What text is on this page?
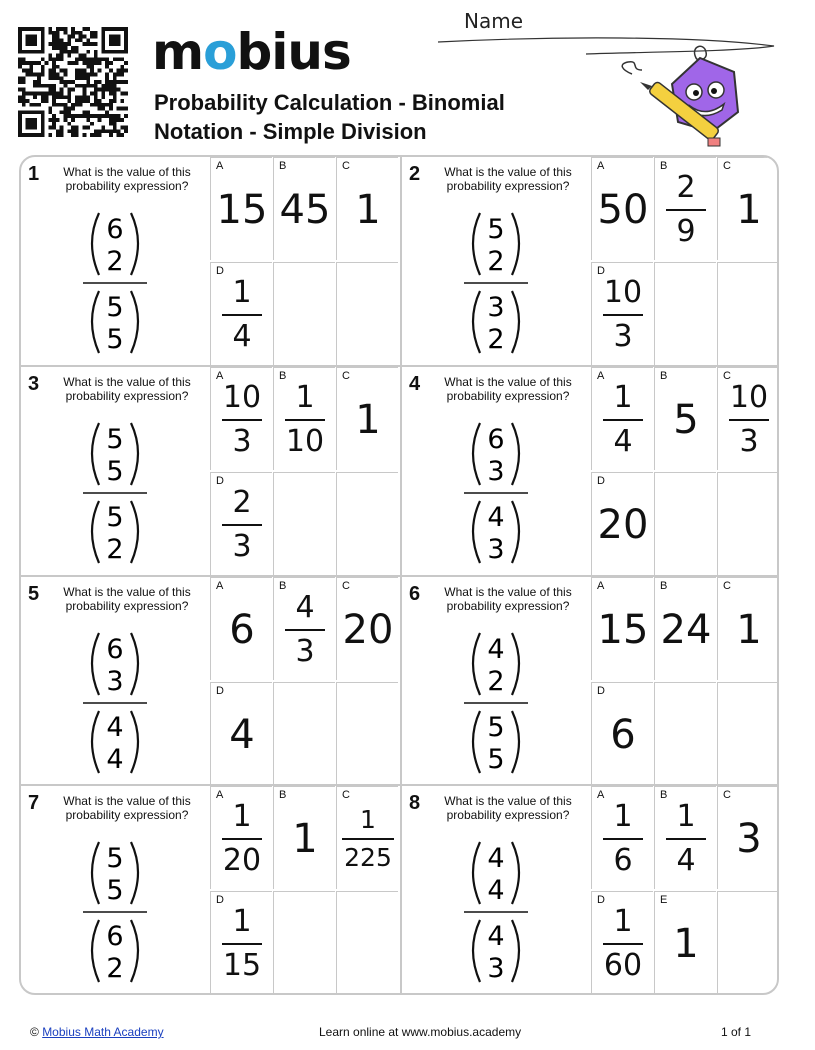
mobius
Probability Calculation - Binomial
Notation - Simple Division
Name
1	What is the value of this probability expression?
6
2
5
5
A
15
B
45
C
1
D
$\frac{1}{4}$
2	What is the value of this probability expression?
5
2
3
2
A
50
B
$\frac{2}{9}$
C
1
D
$\frac{10}{3}$
3	What is the value of this probability expression?
5
5
5
2
A
$\frac{10}{3}$
B
$\frac{1}{10}$
C
1
D
$\frac{2}{3}$
4	What is the value of this probability expression?
6
3
4
3
A
$\frac{1}{4}$
B
5
C
$\frac{10}{3}$
D
20
5	What is the value of this probability expression?
6
3
4
4
A
6
B
$\frac{4}{3}$
C
20
D
4
6	What is the value of this probability expression?
4
2
5
5
A
15
B
24
C
1
D
6
7	What is the value of this probability expression?
5
5
6
2
A
$\frac{1}{20}$
B
1
C
$\frac{1}{225}$
D
$\frac{1}{15}$
8	What is the value of this probability expression?
4
4
4
3
A
$\frac{1}{6}$
B
$\frac{1}{4}$
C
3
D
$\frac{1}{60}$
E
1
© Mobius Math Academy	Learn online at www.mobius.academy	1 of 1
